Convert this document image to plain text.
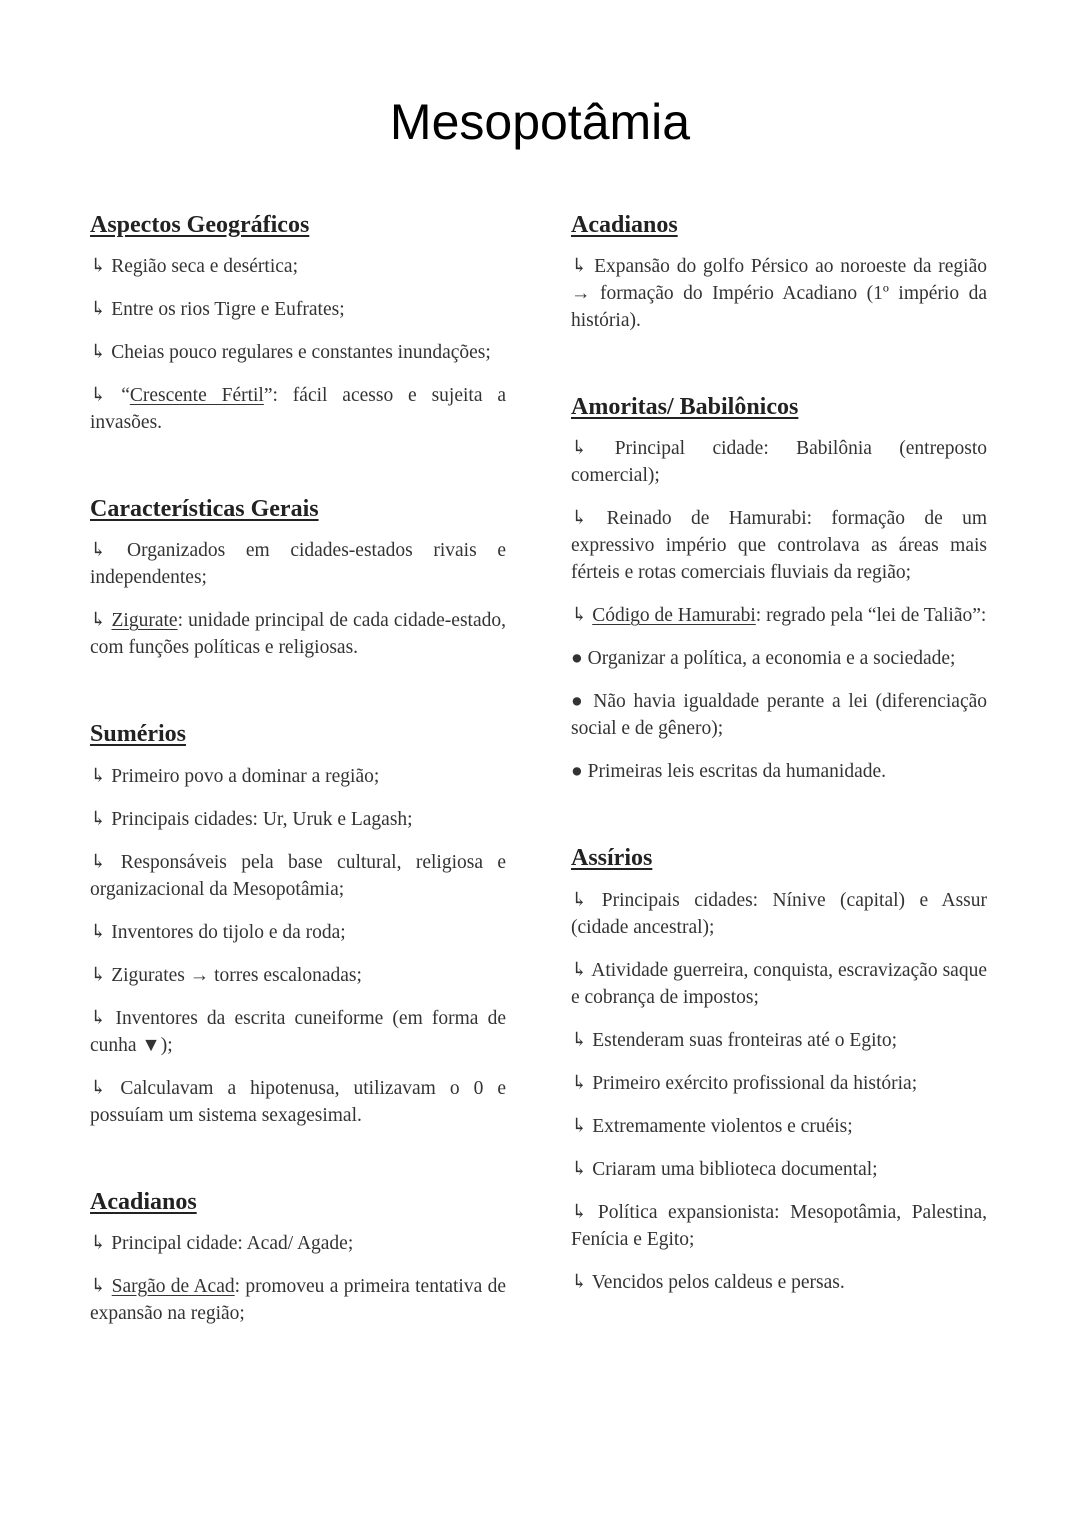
Mesopotâmia
Aspectos Geográficos

↳ Região seca e desértica;

↳ Entre os rios Tigre e Eufrates;

↳ Cheias pouco regulares e constantes inundações;

↳ “Crescente Fértil”: fácil acesso e sujeita a invasões.

Características Gerais

↳ Organizados em cidades-estados rivais e independentes;

↳ Zigurate: unidade principal de cada cidade-estado, com funções políticas e religiosas.

Sumérios

↳ Primeiro povo a dominar a região;

↳ Principais cidades: Ur, Uruk e Lagash;

↳ Responsáveis pela base cultural, religiosa e organizacional da Mesopotâmia;

↳ Inventores do tijolo e da roda;

↳ Zigurates → torres escalonadas;

↳ Inventores da escrita cuneiforme (em forma de cunha ▼);

↳ Calculavam a hipotenusa, utilizavam o 0 e possuíam um sistema sexagesimal.

Acadianos

↳ Principal cidade: Acad/ Agade;

↳ Sargão de Acad: promoveu a primeira tentativa de expansão na região;

Acadianos

↳ Expansão do golfo Pérsico ao noroeste da região → formação do Império Acadiano (1º império da história).

Amoritas/ Babilônicos

↳ Principal cidade: Babilônia (entreposto comercial);

↳ Reinado de Hamurabi: formação de um expressivo império que controlava as áreas mais férteis e rotas comerciais fluviais da região;

↳ Código de Hamurabi: regrado pela “lei de Talião”:

● Organizar a política, a economia e a sociedade;

● Não havia igualdade perante a lei (diferenciação social e de gênero);

● Primeiras leis escritas da humanidade.

Assírios

↳ Principais cidades: Nínive (capital) e Assur (cidade ancestral);

↳ Atividade guerreira, conquista, escravização saque e cobrança de impostos;

↳ Estenderam suas fronteiras até o Egito;

↳ Primeiro exército profissional da história;

↳ Extremamente violentos e cruéis;

↳ Criaram uma biblioteca documental;

↳ Política expansionista: Mesopotâmia, Palestina, Fenícia e Egito;

↳ Vencidos pelos caldeus e persas.
